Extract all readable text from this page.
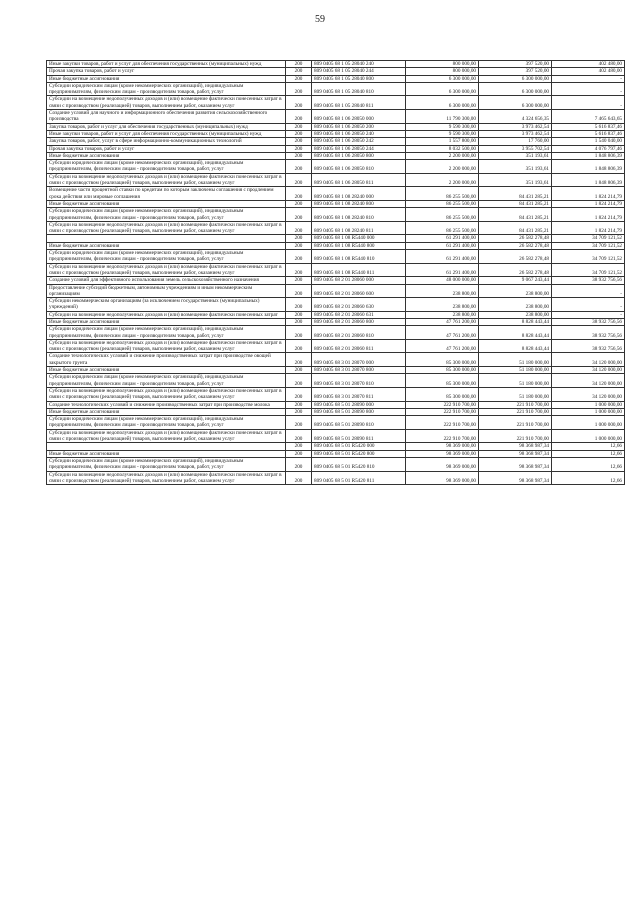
59
Иные закупки товаров, работ и услуг для обеспечения государственных (муниципальных) нужд	200	809 0405 68 1 05 28040 240	800 000,00	397 520,00	402 480,00
Прочая закупка товаров, работ и услуг	200	809 0405 68 1 05 28040 244	800 000,00	397 520,00	402 480,00
Иные бюджетные ассигнования	200	809 0405 68 1 05 28040 800	6 300 000,00	6 300 000,00	-
Субсидии юридическим лицам (кроме некоммерческих организаций), индивидуальным предпринимателям, физическим лицам - производителям товаров, работ, услуг	200	809 0405 68 1 05 28040 810	6 300 000,00	6 300 000,00	-
Субсидии на возмещение недополученных доходов и (или) возмещение фактически понесенных затрат в связи с производством (реализацией) товаров, выполнением работ, оказанием услуг	200	809 0405 68 1 05 28040 811	6 300 000,00	6 300 000,00	-
Создание условий для научного и информационного обеспечения развития сельскохозяйственного производства	200	809 0405 68 1 06 28050 000	11 790 300,00	4 324 656,35	7 465 643,65
Закупка товаров, работ и услуг для обеспечения государственных (муниципальных) нужд	200	809 0405 68 1 06 28050 200	9 590 300,00	3 973 462,54	5 616 837,46
Иные закупки товаров, работ и услуг для обеспечения государственных (муниципальных) нужд	200	809 0405 68 1 06 28050 240	9 590 300,00	3 973 462,54	5 616 837,46
Закупка товаров, работ, услуг в сфере информационно-коммуникационных технологий	200	809 0405 68 1 06 28050 242	1 557 800,00	17 760,00	1 540 040,00
Прочая закупка товаров, работ и услуг	200	809 0405 68 1 06 28050 244	8 032 500,00	3 955 702,54	4 076 797,46
Иные бюджетные ассигнования	200	809 0405 68 1 06 28050 800	2 200 000,00	351 193,61	1 848 806,39
Субсидии юридическим лицам (кроме некоммерческих организаций), индивидуальным предпринимателям, физическим лицам - производителям товаров, работ, услуг	200	809 0405 68 1 06 28050 810	2 200 000,00	351 193,61	1 848 806,39
Субсидии на возмещение недополученных доходов и (или) возмещение фактически понесенных затрат в связи с производством (реализацией) товаров, выполнением работ, оказанием услуг	200	809 0405 68 1 06 28050 811	2 200 000,00	351 193,61	1 848 806,39
Возмещение части процентной ставки по кредитам по которым заключены соглашения с продлением срока действия или мировые соглашения	200	809 0405 68 1 08 28240 000	86 255 500,00	84 431 285,21	1 824 214,79
Иные бюджетные ассигнования	200	809 0405 68 1 08 28240 800	86 255 500,00	84 431 285,21	1 824 214,79
Субсидии юридическим лицам (кроме некоммерческих организаций), индивидуальным предпринимателям, физическим лицам - производителям товаров, работ, услуг	200	809 0405 68 1 08 28240 810	86 255 500,00	84 431 285,21	1 824 214,79
Субсидии на возмещение недополученных доходов и (или) возмещение фактически понесенных затрат в связи с производством (реализацией) товаров, выполнением работ, оказанием услуг	200	809 0405 68 1 08 28240 811	86 255 500,00	84 431 285,21	1 824 214,79
	200	809 0405 68 1 08 R5440 000	61 291 400,00	26 582 278,48	34 709 121,52
Иные бюджетные ассигнования	200	809 0405 68 1 08 R5440 800	61 291 400,00	26 582 278,48	34 709 121,52
Субсидии юридическим лицам (кроме некоммерческих организаций), индивидуальным предпринимателям, физическим лицам - производителям товаров, работ, услуг	200	809 0405 68 1 08 R5440 810	61 291 400,00	26 582 278,48	34 709 121,52
Субсидии на возмещение недополученных доходов и (или) возмещение фактически понесенных затрат в связи с производством (реализацией) товаров, выполнением работ, оказанием услуг	200	809 0405 68 1 08 R5440 811	61 291 400,00	26 582 278,48	34 709 121,52
Создание условий для эффективного использования земель сельскохозяйственного назначения	200	809 0405 68 2 01 28060 000	48 000 000,00	9 067 243,44	38 932 756,56
Предоставление субсидий бюджетным, автономным учреждениям и иным некоммерческим организациям	200	809 0405 68 2 01 28060 600	238 800,00	238 800,00	-
Субсидии некоммерческим организациям (за исключением государственных (муниципальных) учреждений)	200	809 0405 68 2 01 28060 630	238 800,00	238 800,00	-
Субсидии на возмещение недополученных доходов и (или) возмещение фактически понесенных затрат	200	809 0405 68 2 01 28060 631	238 800,00	238 800,00	-
Иные бюджетные ассигнования	200	809 0405 68 2 01 28060 800	47 761 200,00	8 828 443,44	38 932 756,56
Субсидии юридическим лицам (кроме некоммерческих организаций), индивидуальным предпринимателям, физическим лицам - производителям товаров, работ, услуг	200	809 0405 68 2 01 28060 810	47 761 200,00	8 828 443,44	38 932 756,56
Субсидии на возмещение недополученных доходов и (или) возмещение фактически понесенных затрат в связи с производством (реализацией) товаров, выполнением работ, оказанием услуг	200	809 0405 68 2 01 28060 811	47 761 200,00	8 828 443,44	38 932 756,56
Создание технологических условий и снижение производственных затрат при производстве овощей закрытого грунта	200	809 0405 68 3 01 28070 000	85 300 000,00	51 180 000,00	34 120 000,00
Иные бюджетные ассигнования	200	809 0405 68 3 01 28070 800	85 300 000,00	51 180 000,00	34 120 000,00
Субсидии юридическим лицам (кроме некоммерческих организаций), индивидуальным предпринимателям, физическим лицам - производителям товаров, работ, услуг	200	809 0405 68 3 01 28070 810	85 300 000,00	51 180 000,00	34 120 000,00
Субсидии на возмещение недополученных доходов и (или) возмещение фактически понесенных затрат в связи с производством (реализацией) товаров, выполнением работ, оказанием услуг	200	809 0405 68 3 01 28070 811	85 300 000,00	51 180 000,00	34 120 000,00
Создание технологических условий и снижение производственных затрат при производстве молока	200	809 0405 68 5 01 28090 000	222 910 700,00	221 910 700,00	1 000 000,00
Иные бюджетные ассигнования	200	809 0405 68 5 01 28090 800	222 910 700,00	221 910 700,00	1 000 000,00
Субсидии юридическим лицам (кроме некоммерческих организаций), индивидуальным предпринимателям, физическим лицам - производителям товаров, работ, услуг	200	809 0405 68 5 01 28090 810	222 910 700,00	221 910 700,00	1 000 000,00
Субсидии на возмещение недополученных доходов и (или) возмещение фактически понесенных затрат в связи с производством (реализацией) товаров, выполнением работ, оказанием услуг	200	809 0405 68 5 01 28090 811	222 910 700,00	221 910 700,00	1 000 000,00
	200	809 0405 68 5 01 R5420 000	98 369 000,00	98 368 987,34	12,66
Иные бюджетные ассигнования	200	809 0405 68 5 01 R5420 800	98 369 000,00	98 368 987,34	12,66
Субсидии юридическим лицам (кроме некоммерческих организаций), индивидуальным предпринимателям, физическим лицам - производителям товаров, работ, услуг	200	809 0405 68 5 01 R5420 810	98 369 000,00	98 368 987,34	12,66
Субсидии на возмещение недополученных доходов и (или) возмещение фактически понесенных затрат в связи с производством (реализацией) товаров, выполнением работ, оказанием услуг	200	809 0405 68 5 01 R5420 811	98 369 000,00	98 368 987,34	12,66
